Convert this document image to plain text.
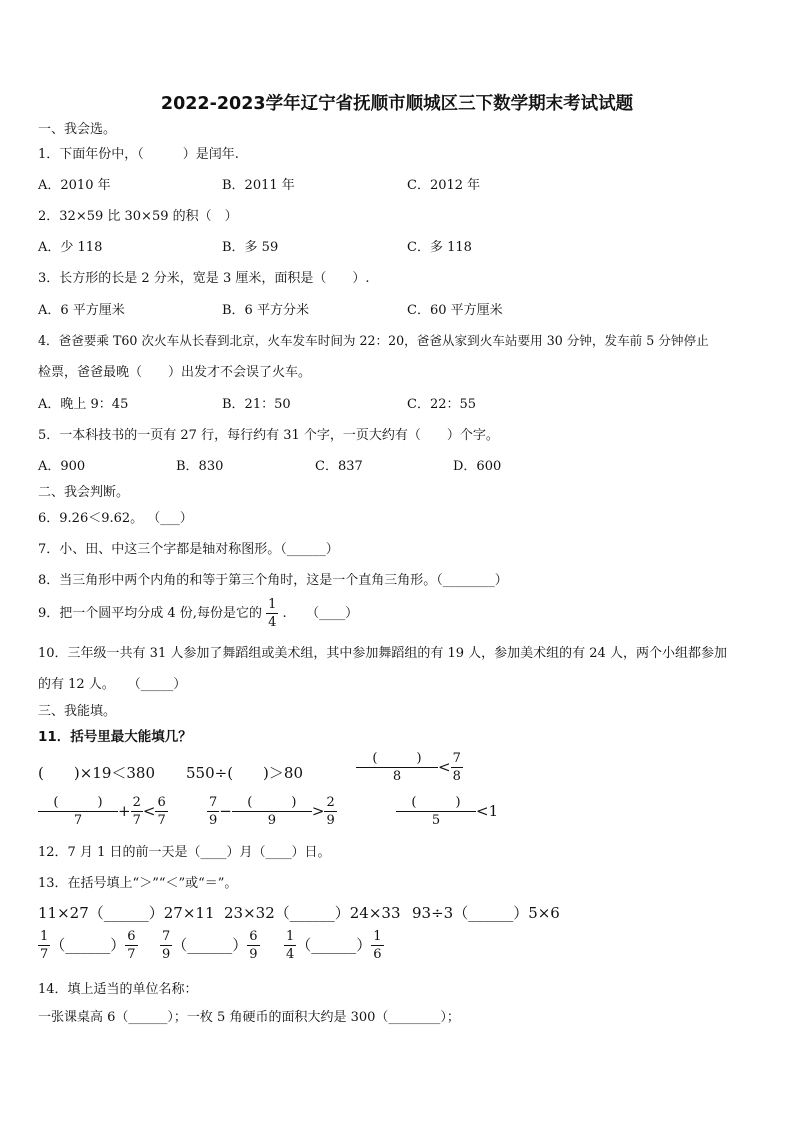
2022-2023学年辽宁省抚顺市顺城区三下数学期末考试试题
一、我会选。
1．下面年份中，（　　　）是闰年.
A．2010 年	B．2011 年	C．2012 年
2．32×59 比 30×59 的积（　）
A．少 118	B．多 59	C．多 118
3．长方形的长是 2 分米，宽是 3 厘米，面积是（　　）.
A．6 平方厘米	B．6 平方分米	C．60 平方厘米
4．爸爸要乘 T60 次火车从长春到北京，火车发车时间为 22：20，爸爸从家到火车站要用 30 分钟，发车前 5 分钟停止
检票，爸爸最晚（　　）出发才不会误了火车。
A．晚上 9：45	B．21：50	C．22：55
5．一本科技书的一页有 27 行，每行约有 31 个字，一页大约有（　　）个字。
A．900	B．830	C．837	D．600
二、我会判断。
6．9.26＜9.62。 （___）
7．小、田、中这三个字都是轴对称图形。（______）
8．当三角形中两个内角的和等于第三个角时，这是一个直角三角形。（________）
9．把一个圆平均分成 4 份,每份是它的 $\frac{1}{4}$ .　　（____）
10．三年级一共有 31 人参加了舞蹈组或美术组，其中参加舞蹈组的有 19 人，参加美术组的有 24 人，两个小组都参加
的有 12 人。　　（_____）
三、我能填。
11．括号里最大能填几？
(　　)×19＜380 550÷(　　)＞80	$\frac{( )}{8} < \frac{7}{8}$
$\frac{( )}{7} + \frac{2}{7} < \frac{6}{7}$	$\frac{7}{9} - \frac{( )}{9} > \frac{2}{9}$	$\frac{( )}{5} <1$
12．7 月 1 日的前一天是（____）月（____）日。
13．在括号填上“＞”“＜”或“＝”。
11×27（______）27×11 23×32（______）24×33 93÷3（______）5×6
$\frac{1}{7}$ （______） $\frac{6}{7} \frac{7}{9}$ （______） $\frac{6}{9} \frac{1}{4}$ （______） $\frac{1}{6}$
14．填上适当的单位名称：
一张课桌高 6（______）；一枚 5 角硬币的面积大约是 300（________）；
